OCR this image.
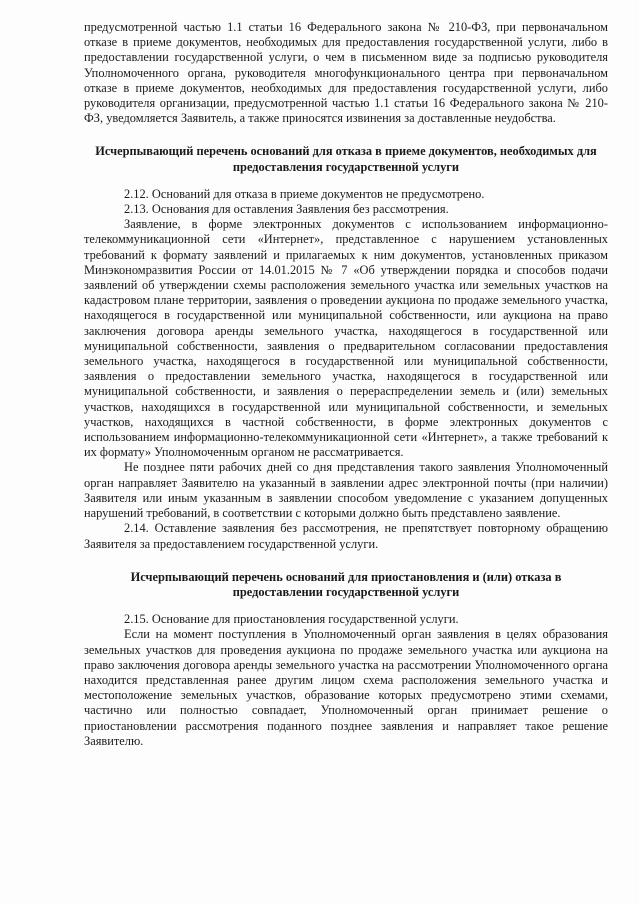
предусмотренной частью 1.1 статьи 16 Федерального закона № 210-ФЗ, при первоначальном отказе в приеме документов, необходимых для предоставления государственной услуги, либо в предоставлении государственной услуги, о чем в письменном виде за подписью руководителя Уполномоченного органа, руководителя многофункционального центра при первоначальном отказе в приеме документов, необходимых для предоставления государственной услуги, либо руководителя организации, предусмотренной частью 1.1 статьи 16 Федерального закона № 210-ФЗ, уведомляется Заявитель, а также приносятся извинения за доставленные неудобства.

Исчерпывающий перечень оснований для отказа в приеме документов, необходимых для предоставления государственной услуги

2.12. Оснований для отказа в приеме документов не предусмотрено.

2.13. Основания для оставления Заявления без рассмотрения.

Заявление, в форме электронных документов с использованием информационно-телекоммуникационной сети «Интернет», представленное с нарушением установленных требований к формату заявлений и прилагаемых к ним документов, установленных приказом Минэкономразвития России от 14.01.2015 № 7 «Об утверждении порядка и способов подачи заявлений об утверждении схемы расположения земельного участка или земельных участков на кадастровом плане территории, заявления о проведении аукциона по продаже земельного участка, находящегося в государственной или муниципальной собственности, или аукциона на право заключения договора аренды земельного участка, находящегося в государственной или муниципальной собственности, заявления о предварительном согласовании предоставления земельного участка, находящегося в государственной или муниципальной собственности, заявления о предоставлении земельного участка, находящегося в государственной или муниципальной собственности, и заявления о перераспределении земель и (или) земельных участков, находящихся в государственной или муниципальной собственности, и земельных участков, находящихся в частной собственности, в форме электронных документов с использованием информационно-телекоммуникационной сети «Интернет», а также требований к их формату» Уполномоченным органом не рассматривается.

Не позднее пяти рабочих дней со дня представления такого заявления Уполномоченный орган направляет Заявителю на указанный в заявлении адрес электронной почты (при наличии) Заявителя или иным указанным в заявлении способом уведомление с указанием допущенных нарушений требований, в соответствии с которыми должно быть представлено заявление.

2.14. Оставление заявления без рассмотрения, не препятствует повторному обращению Заявителя за предоставлением государственной услуги.

Исчерпывающий перечень оснований для приостановления и (или) отказа в предоставлении государственной услуги

2.15. Основание для приостановления государственной услуги.

Если на момент поступления в Уполномоченный орган заявления в целях образования земельных участков для проведения аукциона по продаже земельного участка или аукциона на право заключения договора аренды земельного участка на рассмотрении Уполномоченного органа находится представленная ранее другим лицом схема расположения земельного участка и местоположение земельных участков, образование которых предусмотрено этими схемами, частично или полностью совпадает, Уполномоченный орган принимает решение о приостановлении рассмотрения поданного позднее заявления и направляет такое решение Заявителю.
